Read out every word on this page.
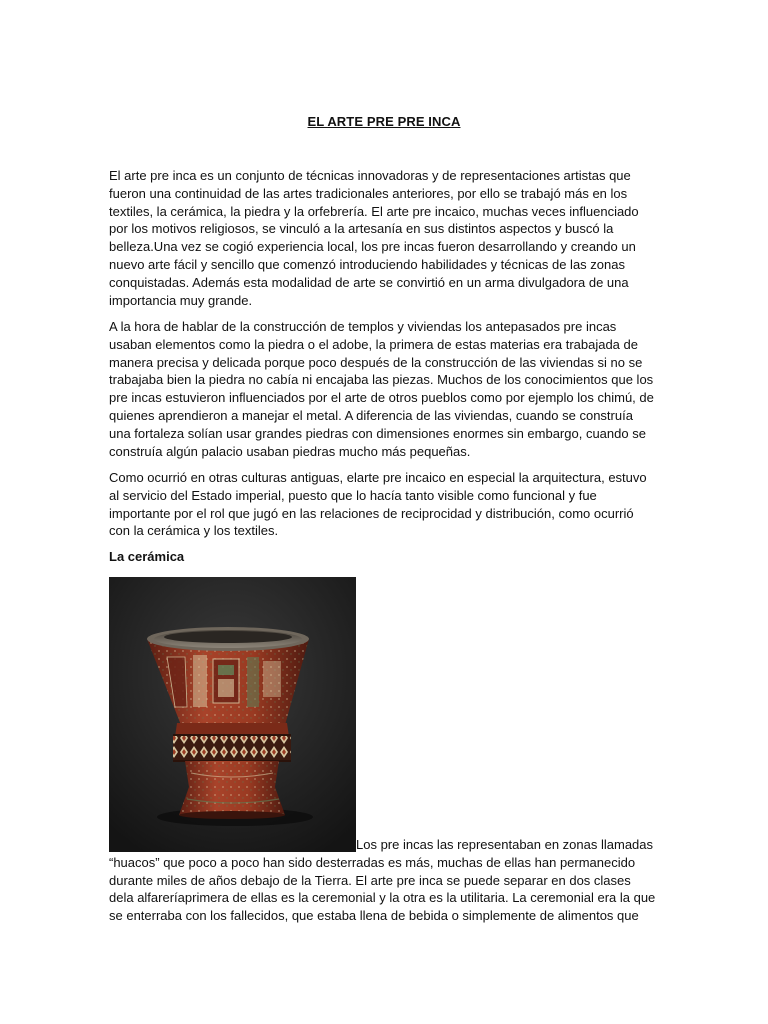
EL ARTE PRE PRE INCA

El arte pre inca es un conjunto de técnicas innovadoras y de representaciones artistas que fueron una continuidad de las artes tradicionales anteriores, por ello se trabajó más en los textiles, la cerámica, la piedra y la orfebrería. El arte pre incaico, muchas veces influenciado por los motivos religiosos, se vinculó a la artesanía en sus distintos aspectos y buscó la belleza.Una vez se cogió experiencia local, los pre incas fueron desarrollando y creando un nuevo arte fácil y sencillo que comenzó introduciendo habilidades y técnicas de las zonas conquistadas. Además esta modalidad de arte se convirtió en un arma divulgadora de una importancia muy grande.

A la hora de hablar de la construcción de templos y viviendas los antepasados pre incas usaban elementos como la piedra o el adobe, la primera de estas materias era trabajada de manera precisa y delicada porque poco después de la construcción de las viviendas si no se trabajaba bien la piedra no cabía ni encajaba las piezas. Muchos de los conocimientos que los pre incas estuvieron influenciados por el arte de otros pueblos como por ejemplo los chimú, de quienes aprendieron a manejar el metal. A diferencia de las viviendas, cuando se construía una fortaleza solían usar grandes piedras con dimensiones enormes sin embargo, cuando se construía algún palacio usaban piedras mucho más pequeñas.

Como ocurrió en otras culturas antiguas, elarte pre incaico en especial la arquitectura, estuvo al servicio del Estado imperial, puesto que lo hacía tanto visible como funcional y fue importante por el rol que jugó en las relaciones de reciprocidad y distribución, como ocurrió con la cerámica y los textiles.

La cerámica

Los pre incas las representaban en zonas llamadas “huacos” que poco a poco han sido desterradas es más, muchas de ellas han permanecido durante miles de años debajo de la Tierra. El arte pre inca se puede separar en dos clases dela alfareríaprimera de ellas es la ceremonial y la otra es la utilitaria. La ceremonial era la que se enterraba con los fallecidos, que estaba llena de bebida o simplemente de alimentos que
